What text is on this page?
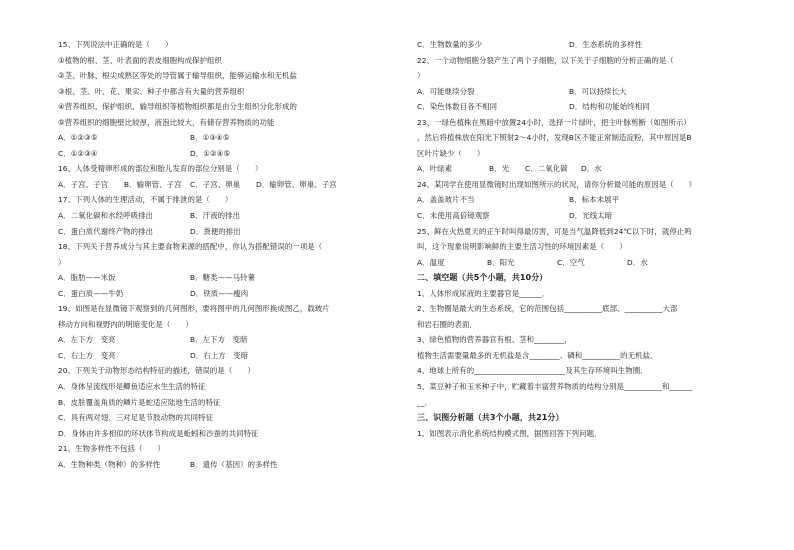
15、下列说法中正确的是（　　）
①植物的根、茎、叶表面的表皮细胞构成保护组织
②茎、叶脉、根尖成熟区等处的导管属于输导组织，能够运输水和无机盐
③根、茎、叶、花、果实、种子中都含有大量的营养组织
④营养组织、保护组织、输导组织等植物组织都是由分生组织分化形成的
⑤营养组织的细胞壁比较厚，液泡比较大，有储存营养物质的功能
A．①②③⑤	B．①③④⑤
C．①②③④	D．①②④⑤
16、人体受精卵形成的部位和胎儿发育的部位分别是（　　）
A．子宫、子宫	B．输卵管、子宫	C．子宫、卵巢	D．输卵管、卵巢、子宫
17、下列人体的生理活动，不属于排泄的是（　　）
A．二氧化碳和水经呼吸排出	B．汗液的排出
C．蛋白质代谢终产物的排出	D．粪便的排出
18、下列关于营养成分与其主要食物来源的搭配中，你认为搭配错误的一项是（
）
A．脂肪——米饭	B．糖类——马铃薯
C．蛋白质——牛奶	D．铁质——瘦肉
19、如图是在显微镜下观察到的几何图形，要将图甲的几何图形换成图乙，载玻片
移动方向和视野内的明暗变化是（　　）
A．左下方　变亮	B．左下方　变暗
C．右上方　变亮	D．右上方　变暗
20、下列关于动物形态结构特征的描述，错误的是（　　）
A．身体呈流线形是鲫鱼适应水生生活的特征
B．皮肤覆盖角质的鳞片是蛇适应陆地生活的特征
C．具有两对翅、三对足是节肢动物的共同特征
D．身体由许多相似的环状体节构成是蚯蚓和沙蚕的共同特征
21、生物多样性不包括（　　）
A．生物种类（物种）的多样性	B．遗传（基因）的多样性
C．生物数量的多少	D．生态系统的多样性
22、一个动物细胞分裂产生了两个子细胞，以下关于子细胞的分析正确的是（
）
A．可能继续分裂	B．可以持续长大
C．染色体数目各不相同	D．结构和功能始终相同
23、一绿色植株在黑暗中放置24小时，选择一片绿叶，把主叶脉剪断（如图所示）
，然后将植株放在阳光下照射2～4小时，发现B区不能正常制造淀粉，其中原因是B
区叶片缺少（　　）
A．叶绿素	B．光	C．二氧化碳	D．水
24、某同学在使用显微镜时出现如图所示的状况，请你分析最可能的原因是（　　）
A．盖盖玻片不当	B．标本未展平
C．未使用高倍镜观察	D．光线太暗
25、鲜在火热夏天的正午时叫得最厉害，可是当气温降低到24℃以下时，就停止鸣
叫，这个现象说明影响鲜的主要生活习性的环境因素是（　　）
A．温度	B．阳光	C．空气	D．水
二、填空题（共5个小题，共10分）
1、人体形成尿液的主要器官是______．
2、生物圈是最大的生态系统，它的范围包括__________底部、__________大部
和岩石圈的表面．
3、绿色植物的营养器官有根、茎和________，
植物生活需要量最多的无机盐是含________、磷和__________的无机盐．
4、地球上所有的________________________及其生存环境叫生物圈．
5、菜豆种子和玉米种子中，贮藏着丰富营养物质的结构分别是__________和______
__．
三、识图分析题（共3个小题，共21分）
1、如图表示消化系统结构模式图，据图回答下列问题．
